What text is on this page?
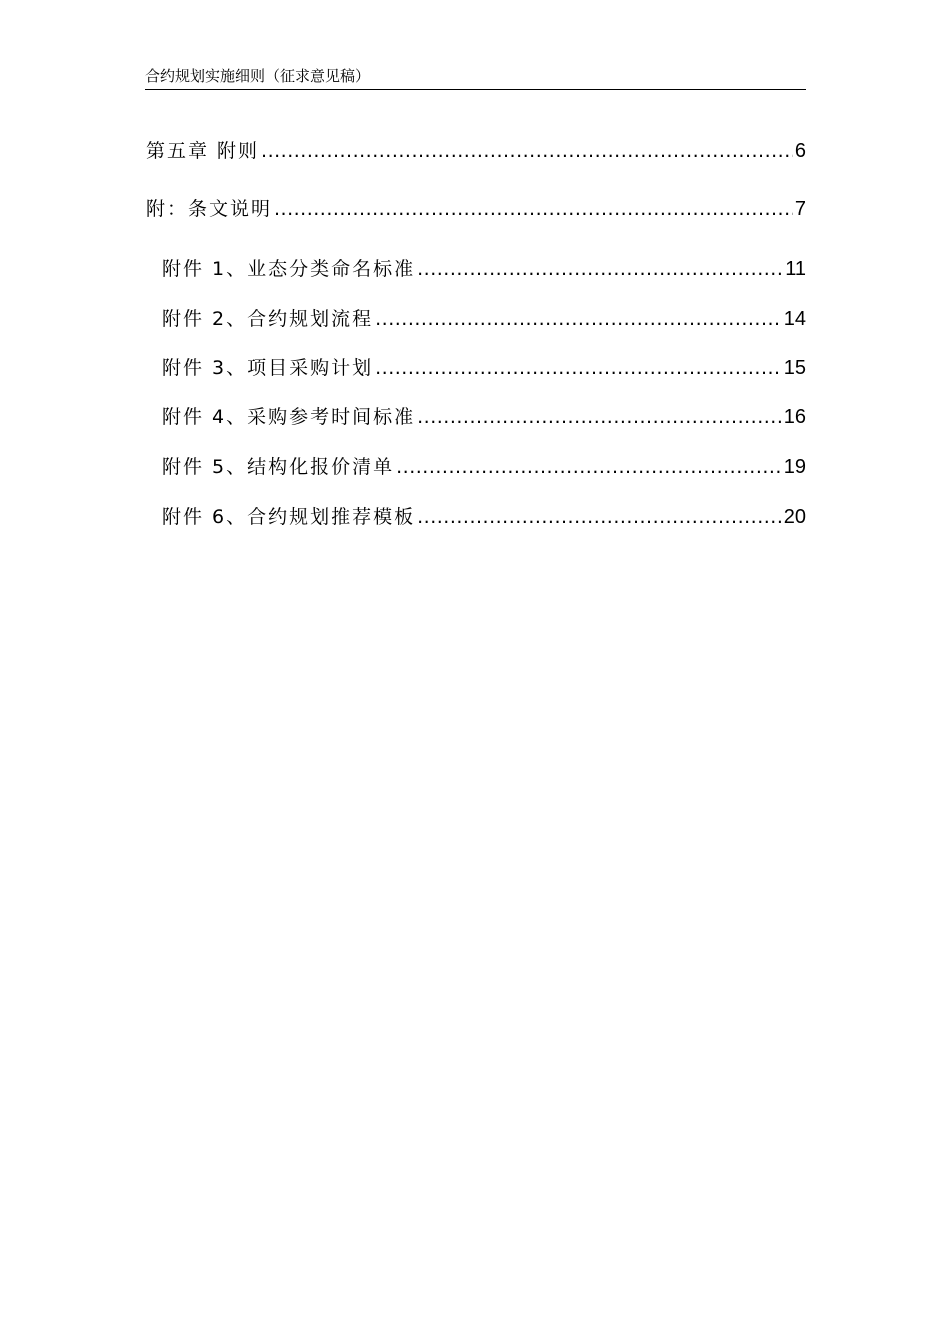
合约规划实施细则（征求意见稿）
第五章 附则 .....	6
附：条文说明 .....	7
附件 1、业态分类命名标准 .....	11
附件 2、合约规划流程 .....	14
附件 3、项目采购计划 .....	15
附件 4、采购参考时间标准 .....	16
附件 5、结构化报价清单 .....	19
附件 6、合约规划推荐模板 .....	20
